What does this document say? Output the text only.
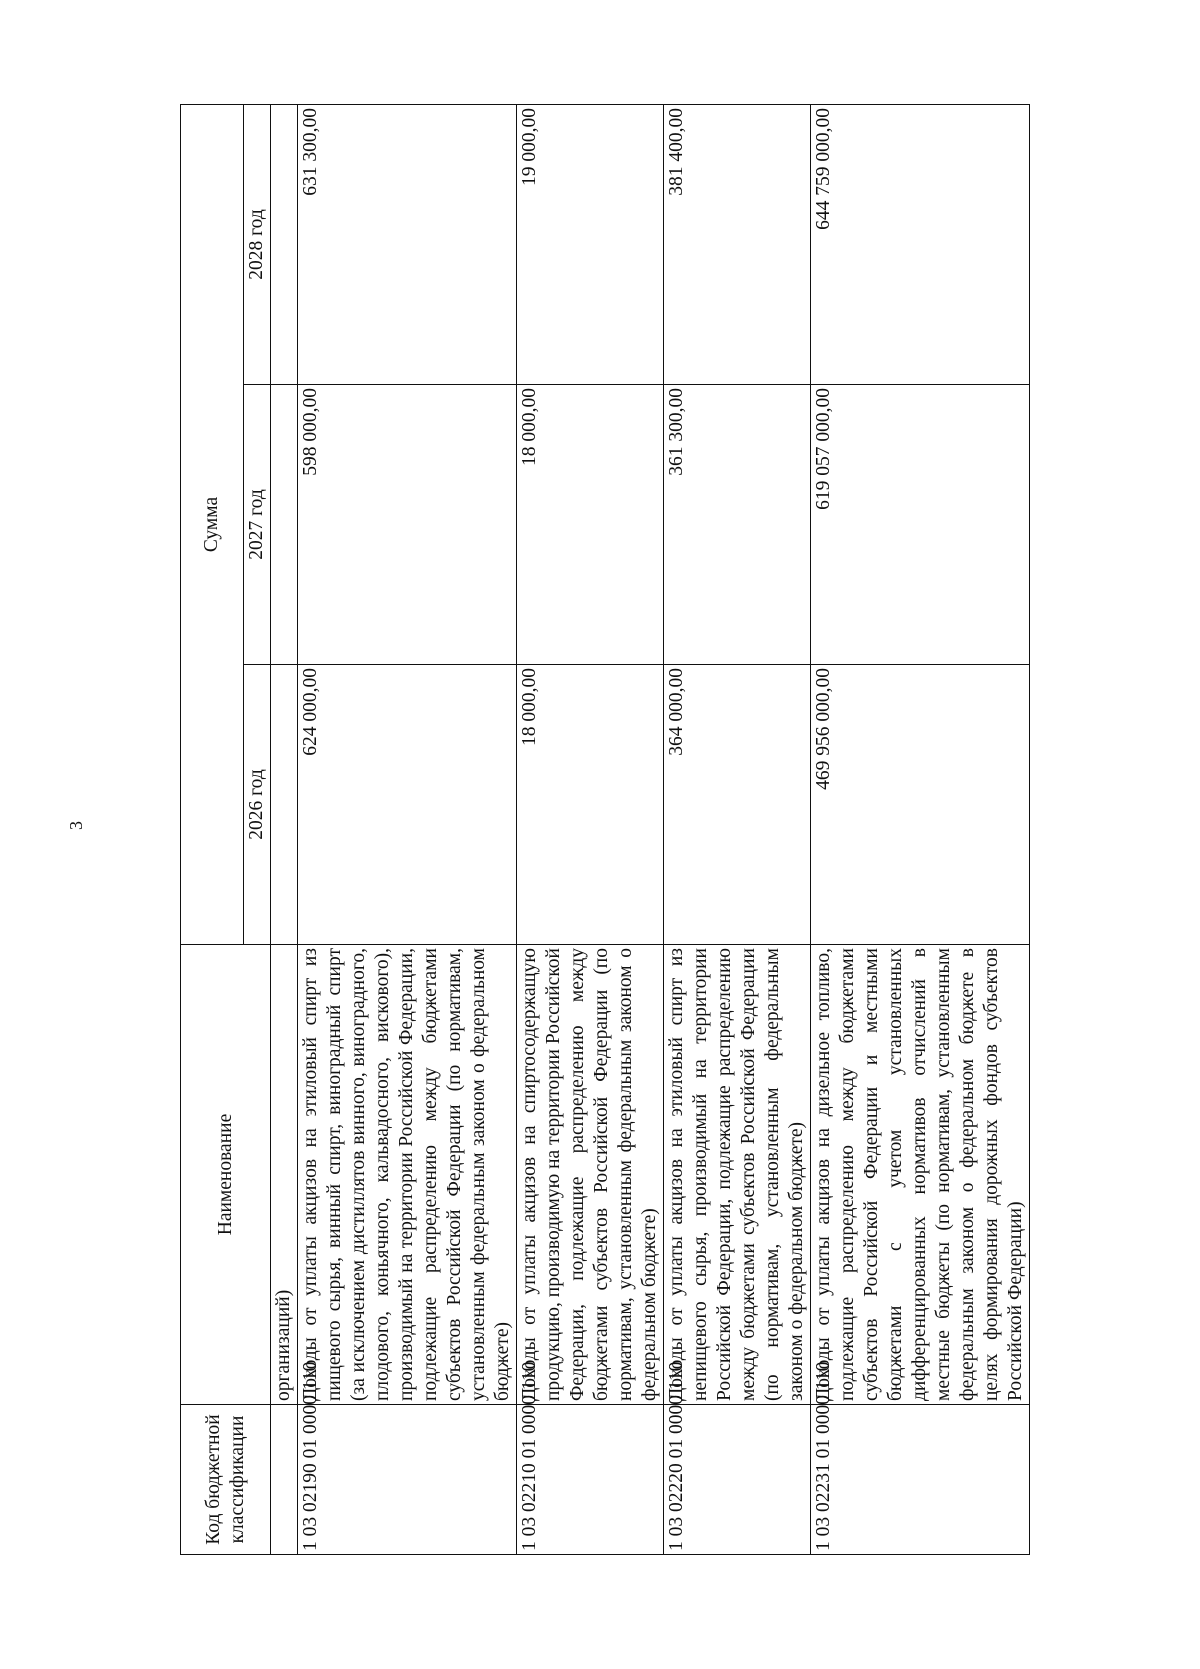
3
Код бюджетной классификации	Наименование	Сумма		
		2026 год	2027 год	2028 год
	организаций)			
1 03 02190 01 0000 110	Доходы от уплаты акцизов на этиловый спирт из пищевого сырья, винный спирт, виноградный спирт (за исключением дистиллятов винного, виноградного, плодового, коньячного, кальвадосного, вискового), производимый на территории Российской Федерации, подлежащие распределению между бюджетами субъектов Российской Федерации (по нормативам, установленным федеральным законом о федеральном бюджете)	624 000,00	598 000,00	631 300,00
1 03 02210 01 0000 110	Доходы от уплаты акцизов на спиртосодержащую продукцию, производимую на территории Российской Федерации, подлежащие распределению между бюджетами субъектов Российской Федерации (по нормативам, установленным федеральным законом о федеральном бюджете)	18 000,00	18 000,00	19 000,00
1 03 02220 01 0000 110	Доходы от уплаты акцизов на этиловый спирт из непищевого сырья, производимый на территории Российской Федерации, подлежащие распределению между бюджетами субъектов Российской Федерации (по нормативам, установленным федеральным законом о федеральном бюджете)	364 000,00	361 300,00	381 400,00
1 03 02231 01 0000 110	Доходы от уплаты акцизов на дизельное топливо, подлежащие распределению между бюджетами субъектов Российской Федерации и местными бюджетами с учетом установленных дифференцированных нормативов отчислений в местные бюджеты (по нормативам, установленным федеральным законом о федеральном бюджете в целях формирования дорожных фондов субъектов Российской Федерации)	469 956 000,00	619 057 000,00	644 759 000,00
